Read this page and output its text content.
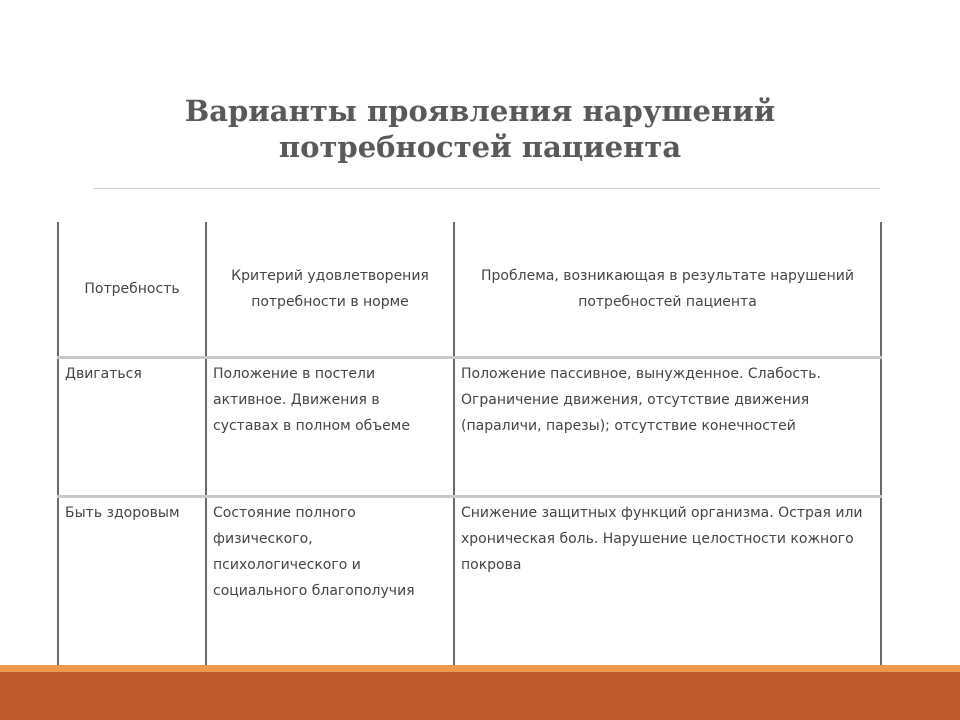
Варианты проявления нарушений потребностей пациента
Потребность	Критерий удовлетворения потребности в норме	Проблема, возникающая в результате нарушений потребностей пациента
Двигаться	Положение в постели активное. Движения в суставах в полном объеме	Положение пассивное, вынужденное. Слабость. Ограничение движения, отсутствие движения (параличи, парезы); отсутствие конечностей
Быть здоровым	Состояние полного физического, психологического и социального благополучия	Снижение защитных функций организма. Острая или хроническая боль. Нарушение целостности кожного покрова
